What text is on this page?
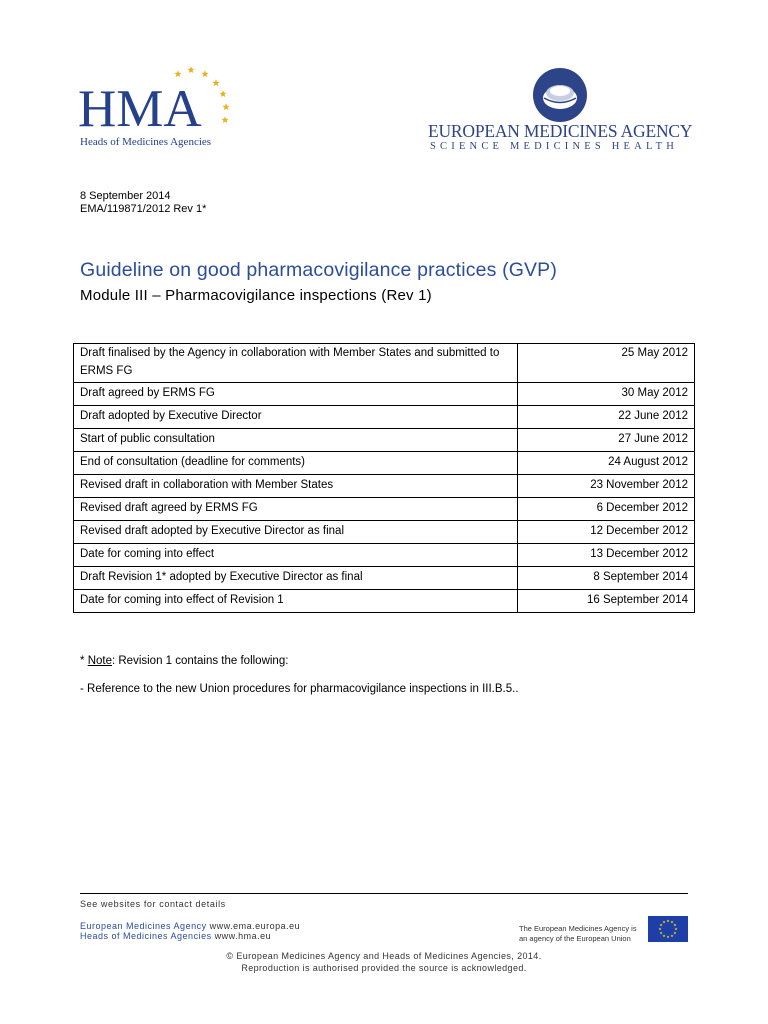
HMA
Heads of Medicines Agencies
EUROPEAN MEDICINES AGENCY
SCIENCE MEDICINES HEALTH
8 September 2014
EMA/119871/2012 Rev 1*
Guideline on good pharmacovigilance practices (GVP)
Module III – Pharmacovigilance inspections (Rev 1)
Draft finalised by the Agency in collaboration with Member States and submitted to ERMS FG	25 May 2012
Draft agreed by ERMS FG	30 May 2012
Draft adopted by Executive Director	22 June 2012
Start of public consultation	27 June 2012
End of consultation (deadline for comments)	24 August 2012
Revised draft in collaboration with Member States	23 November 2012
Revised draft agreed by ERMS FG	6 December 2012
Revised draft adopted by Executive Director as final	12 December 2012
Date for coming into effect	13 December 2012
Draft Revision 1* adopted by Executive Director as final	8 September 2014
Date for coming into effect of Revision 1	16 September 2014
* Note: Revision 1 contains the following:
- Reference to the new Union procedures for pharmacovigilance inspections in III.B.5..
See websites for contact details
European Medicines Agency www.ema.europa.eu
Heads of Medicines Agencies www.hma.eu
The European Medicines Agency is
an agency of the European Union
© European Medicines Agency and Heads of Medicines Agencies, 2014.
Reproduction is authorised provided the source is acknowledged.
